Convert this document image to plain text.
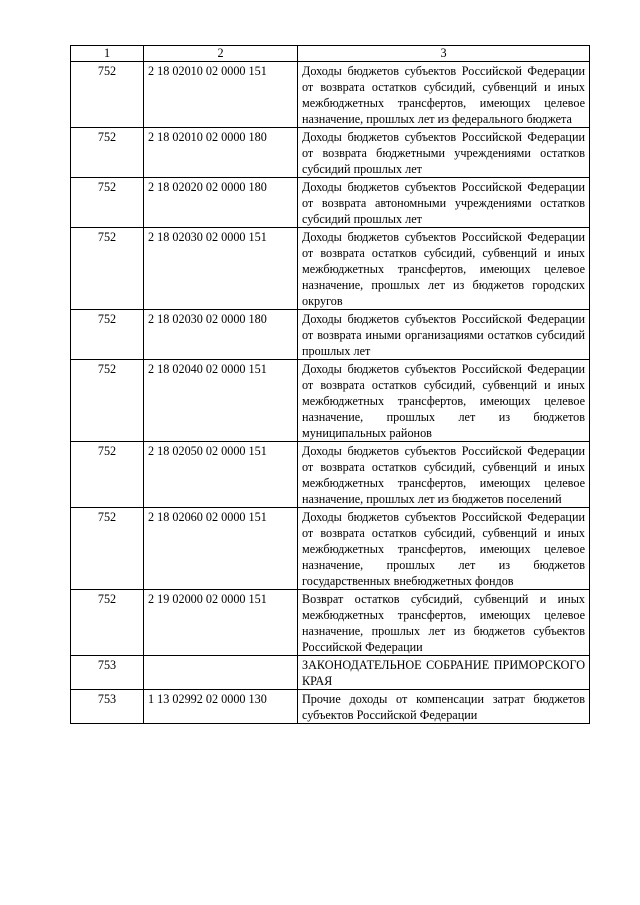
1	2	3
752	2 18 02010 02 0000 151	Доходы бюджетов субъектов Российской Федерации от возврата остатков субсидий, субвенций и иных межбюджетных трансфертов, имеющих целевое назначение, прошлых лет из федерального бюджета
752	2 18 02010 02 0000 180	Доходы бюджетов субъектов Российской Федерации от возврата бюджетными учреждениями остатков субсидий прошлых лет
752	2 18 02020 02 0000 180	Доходы бюджетов субъектов Российской Федерации от возврата автономными учреждениями остатков субсидий прошлых лет
752	2 18 02030 02 0000 151	Доходы бюджетов субъектов Российской Федерации от возврата остатков субсидий, субвенций и иных межбюджетных трансфертов, имеющих целевое назначение, прошлых лет из бюджетов городских округов
752	2 18 02030 02 0000 180	Доходы бюджетов субъектов Российской Федерации от возврата иными организациями остатков субсидий прошлых лет
752	2 18 02040 02 0000 151	Доходы бюджетов субъектов Российской Федерации от возврата остатков субсидий, субвенций и иных межбюджетных трансфертов, имеющих целевое назначение, прошлых лет из бюджетов муниципальных районов
752	2 18 02050 02 0000 151	Доходы бюджетов субъектов Российской Федерации от возврата остатков субсидий, субвенций и иных межбюджетных трансфертов, имеющих целевое назначение, прошлых лет из бюджетов поселений
752	2 18 02060 02 0000 151	Доходы бюджетов субъектов Российской Федерации от возврата остатков субсидий, субвенций и иных межбюджетных трансфертов, имеющих целевое назначение, прошлых лет из бюджетов государственных внебюджетных фондов
752	2 19 02000 02 0000 151	Возврат остатков субсидий, субвенций и иных межбюджетных трансфертов, имеющих целевое назначение, прошлых лет из бюджетов субъектов Российской Федерации
753		ЗАКОНОДАТЕЛЬНОЕ СОБРАНИЕ ПРИМОРСКОГО КРАЯ
753	1 13 02992 02 0000 130	Прочие доходы от компенсации затрат бюджетов субъектов Российской Федерации
